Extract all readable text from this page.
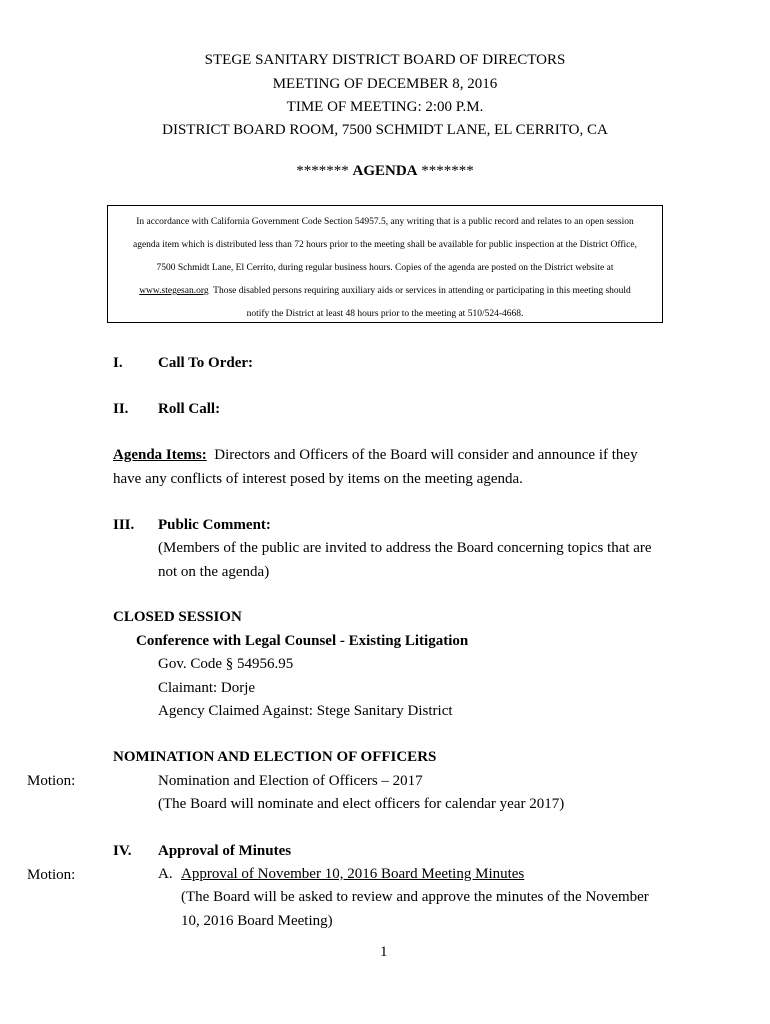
STEGE SANITARY DISTRICT BOARD OF DIRECTORS
MEETING OF DECEMBER 8, 2016
TIME OF MEETING: 2:00 P.M.
DISTRICT BOARD ROOM, 7500 SCHMIDT LANE, EL CERRITO, CA
******* AGENDA *******
In accordance with California Government Code Section 54957.5, any writing that is a public record and relates to an open session
agenda item which is distributed less than 72 hours prior to the meeting shall be available for public inspection at the District Office,
7500 Schmidt Lane, El Cerrito, during regular business hours. Copies of the agenda are posted on the District website at
www.stegesan.org  Those disabled persons requiring auxiliary aids or services in attending or participating in this meeting should
notify the District at least 48 hours prior to the meeting at 510/524-4668.
I. Call To Order:
II. Roll Call:
Agenda Items:  Directors and Officers of the Board will consider and announce if they
have any conflicts of interest posed by items on the meeting agenda.
III. Public Comment:
(Members of the public are invited to address the Board concerning topics that are
not on the agenda)
CLOSED SESSION
Conference with Legal Counsel - Existing Litigation
Gov. Code § 54956.95
Claimant: Dorje
Agency Claimed Against: Stege Sanitary District
NOMINATION AND ELECTION OF OFFICERS
Motion:	Nomination and Election of Officers – 2017
(The Board will nominate and elect officers for calendar year 2017)
IV. Approval of Minutes
Motion:	A. Approval of November 10, 2016 Board Meeting Minutes
(The Board will be asked to review and approve the minutes of the November
10, 2016 Board Meeting)
1
